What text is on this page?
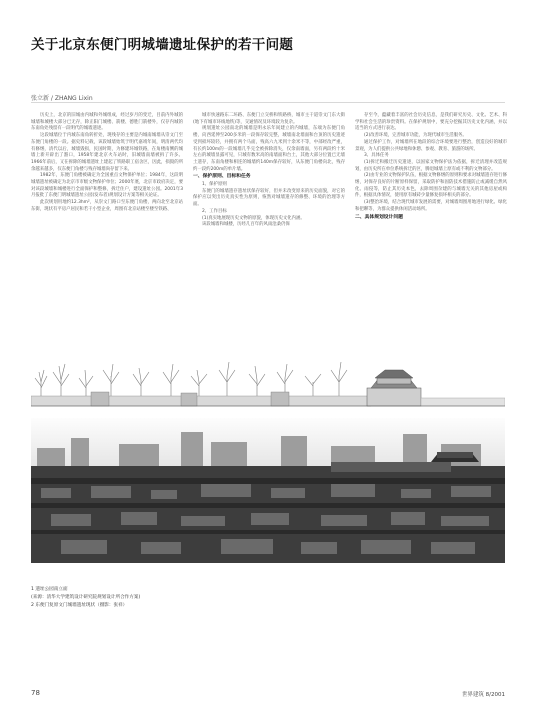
关于北京东便门明城墙遗址保护的若干问题
张立新 / ZHANG Lixin

历史上，北京的旧城由内城和外城组成，经过岁月的变迁，目前内外城的城墙和城楼大部分已无存，除正阳门城楼、箭楼、德胜门箭楼外，仅存内城的东南角处残留有一段明代的城墙遗迹。

这段城墙位于内城东南角转折处，现残存的主要是内城南城墙从崇文门至东便门角楼的一段。据史料记载，该段城墙始筑于明代嘉靖年间，明清两代均有修缮，清代以后，城墙毁损，民国时期，为修建环城铁路，在角楼南侧的城墙上新开辟出了豁口，1958年建北京火车站时，旧城墙南墙被拆了许多。1966年前后，又在拆除的城墙遗址上建起了铁路职工宿舍区，因此，损毁的所余越来越多，仅东便门角楼与残存城墙尚存留下来。

1982年，东便门角楼被确定为全国重点文物保护单位；1984年，这段明城墙遗址被确定为北京市市级文物保护单位；2000年底，北京市政府决定，要对该段城墙和城楼进行全面保护和整修，拆迁住户，建设遗址公园。2001年3月报批了东便门明城墙遗址公园(发布者)规划设计方案等相关论证。

此次规划用地约12.3hm²，从崇文门路口至东便门角楼，两向北至北京站东街，现状有平房户居民和若干小型企业，周围有北京站楼至楼至铁路、

城市快速路东二环路、东便门立交桥和铁路桥，城市主干道崇文门东大街(地下有城市环线地铁)等，交通情况及环境较为复杂。

规划遗址公园南北的城墙是明永乐年间建立的内城墙，东端为东便门角楼，向西延伸至200多米的一段保存较完整，城墙南北墙面和台顶的历史遗迹受到损坏较轻，并拥有两个马面，残高六九米到十余米不等，中部经改严重，有长约100m的一段城墙几乎完全被拆除消失，仅余南墙面，另有两段约十米左右的城墙显露可见，只城有数米高的南墙面和台土，其他大部分位置已无墙土遗存，东南角楼和相连的城墙约140m保存较好，从东便门角楼向北，残存约一段约200m的单片墙。

一、保护原则、目标和任务

1、保护原则

东便门的城墙遗存遗址状保存较好，但并未改变原来的历史面貌，对它的保护应以突出历史真实性为原则，恢然对城墙遗存的修整、环境的治理等方面。

2、工作目标

(1)真实地展现历史文物的原貌，体现历史文化内涵。

该段城墙和城楼，历经几百年的风雨沧桑仍保

存至今，蕴藏着丰富的社会历史信息，是我们研究历史、文化、艺术、科学和社会生活的珍贵资料。在保护规划中，要充分挖掘其历史文化内涵，并以适当的方式进行表达。

(2)改善环境，完善城市功能，为现代城市生活服务。

通过保护工作，对城墙所在地段的综合环境要进行整治，创造良好的城市景观，为人们提供公共绿地和休憩、参观、教育、旅游的场所。

3、具体任务

(1)拆迁和搬迁历史遗迹，以国家文物保护法为依据，拆迁清理并改造规划，由历史所在单位系统拆迁的区，腾退城墙上原有或不利的文物部分。

(2)由专业的文物保护队伍，根据文物修缮的原则和要求对城墙遗存进行修缮，对保存良好的片断原样保留，采取防护和固防技术措施防止或减缓自然风化、雨侵等，防止其历史本色，去除周围杂建的与城墙无关的其他房屋或构件，根据具体情况，使用原有城砖少量修复损坏相关的部分。

(3)整治环境，结合现代城市发展的需要，对城墙周围用地进行绿化、绿化和把聊等，为群众提供休闲活动场所。

二、具体规划设计问题
1 遗址公园南立面
(来源：清华大学建筑设计研究院规划设计所合作方案)
2 东便门复原文门城墙遗址现状（摄影：张祥）
78	世界建筑 8/2001
